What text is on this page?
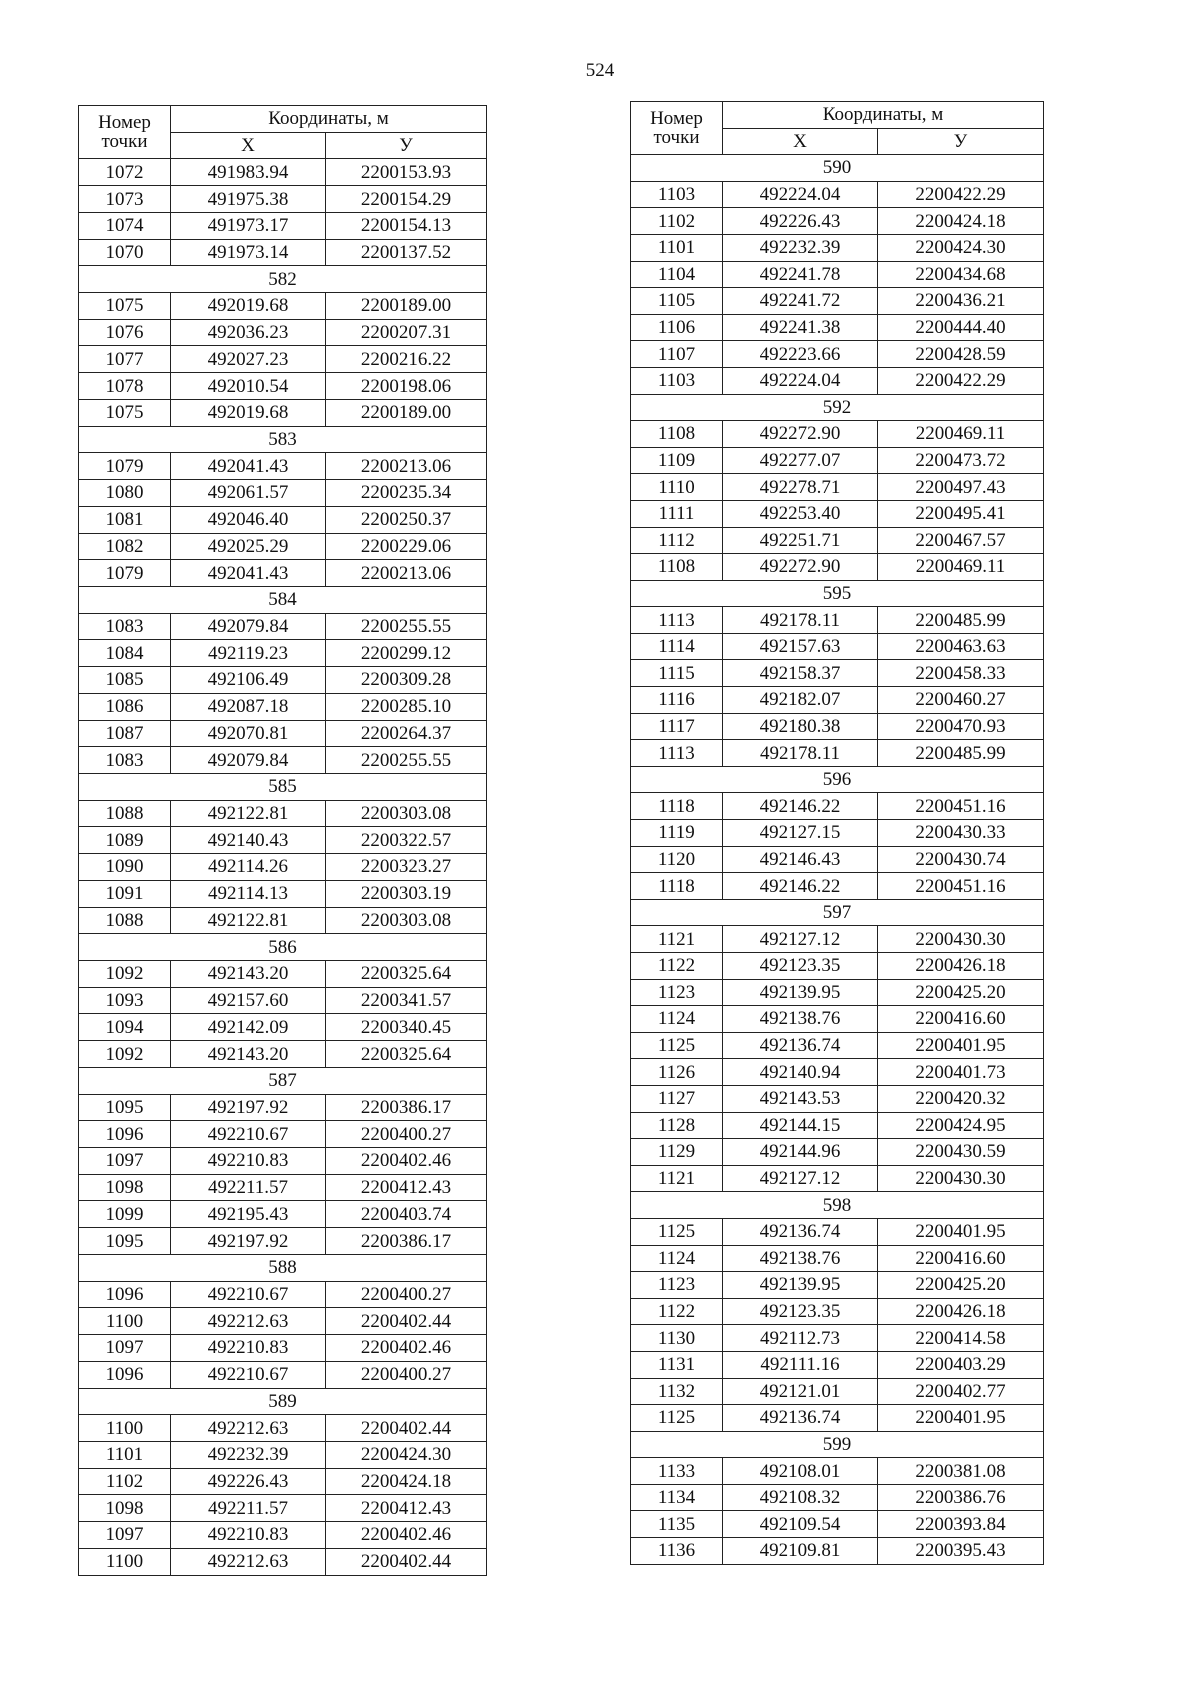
524
Номер
точки	Координаты, м	
	X	У
1072	491983.94	2200153.93
1073	491975.38	2200154.29
1074	491973.17	2200154.13
1070	491973.14	2200137.52
582		
1075	492019.68	2200189.00
1076	492036.23	2200207.31
1077	492027.23	2200216.22
1078	492010.54	2200198.06
1075	492019.68	2200189.00
583		
1079	492041.43	2200213.06
1080	492061.57	2200235.34
1081	492046.40	2200250.37
1082	492025.29	2200229.06
1079	492041.43	2200213.06
584		
1083	492079.84	2200255.55
1084	492119.23	2200299.12
1085	492106.49	2200309.28
1086	492087.18	2200285.10
1087	492070.81	2200264.37
1083	492079.84	2200255.55
585		
1088	492122.81	2200303.08
1089	492140.43	2200322.57
1090	492114.26	2200323.27
1091	492114.13	2200303.19
1088	492122.81	2200303.08
586		
1092	492143.20	2200325.64
1093	492157.60	2200341.57
1094	492142.09	2200340.45
1092	492143.20	2200325.64
587		
1095	492197.92	2200386.17
1096	492210.67	2200400.27
1097	492210.83	2200402.46
1098	492211.57	2200412.43
1099	492195.43	2200403.74
1095	492197.92	2200386.17
588		
1096	492210.67	2200400.27
1100	492212.63	2200402.44
1097	492210.83	2200402.46
1096	492210.67	2200400.27
589		
1100	492212.63	2200402.44
1101	492232.39	2200424.30
1102	492226.43	2200424.18
1098	492211.57	2200412.43
1097	492210.83	2200402.46
1100	492212.63	2200402.44
Номер
точки	Координаты, м	
	X	У
590		
1103	492224.04	2200422.29
1102	492226.43	2200424.18
1101	492232.39	2200424.30
1104	492241.78	2200434.68
1105	492241.72	2200436.21
1106	492241.38	2200444.40
1107	492223.66	2200428.59
1103	492224.04	2200422.29
592		
1108	492272.90	2200469.11
1109	492277.07	2200473.72
1110	492278.71	2200497.43
1111	492253.40	2200495.41
1112	492251.71	2200467.57
1108	492272.90	2200469.11
595		
1113	492178.11	2200485.99
1114	492157.63	2200463.63
1115	492158.37	2200458.33
1116	492182.07	2200460.27
1117	492180.38	2200470.93
1113	492178.11	2200485.99
596		
1118	492146.22	2200451.16
1119	492127.15	2200430.33
1120	492146.43	2200430.74
1118	492146.22	2200451.16
597		
1121	492127.12	2200430.30
1122	492123.35	2200426.18
1123	492139.95	2200425.20
1124	492138.76	2200416.60
1125	492136.74	2200401.95
1126	492140.94	2200401.73
1127	492143.53	2200420.32
1128	492144.15	2200424.95
1129	492144.96	2200430.59
1121	492127.12	2200430.30
598		
1125	492136.74	2200401.95
1124	492138.76	2200416.60
1123	492139.95	2200425.20
1122	492123.35	2200426.18
1130	492112.73	2200414.58
1131	492111.16	2200403.29
1132	492121.01	2200402.77
1125	492136.74	2200401.95
599		
1133	492108.01	2200381.08
1134	492108.32	2200386.76
1135	492109.54	2200393.84
1136	492109.81	2200395.43
